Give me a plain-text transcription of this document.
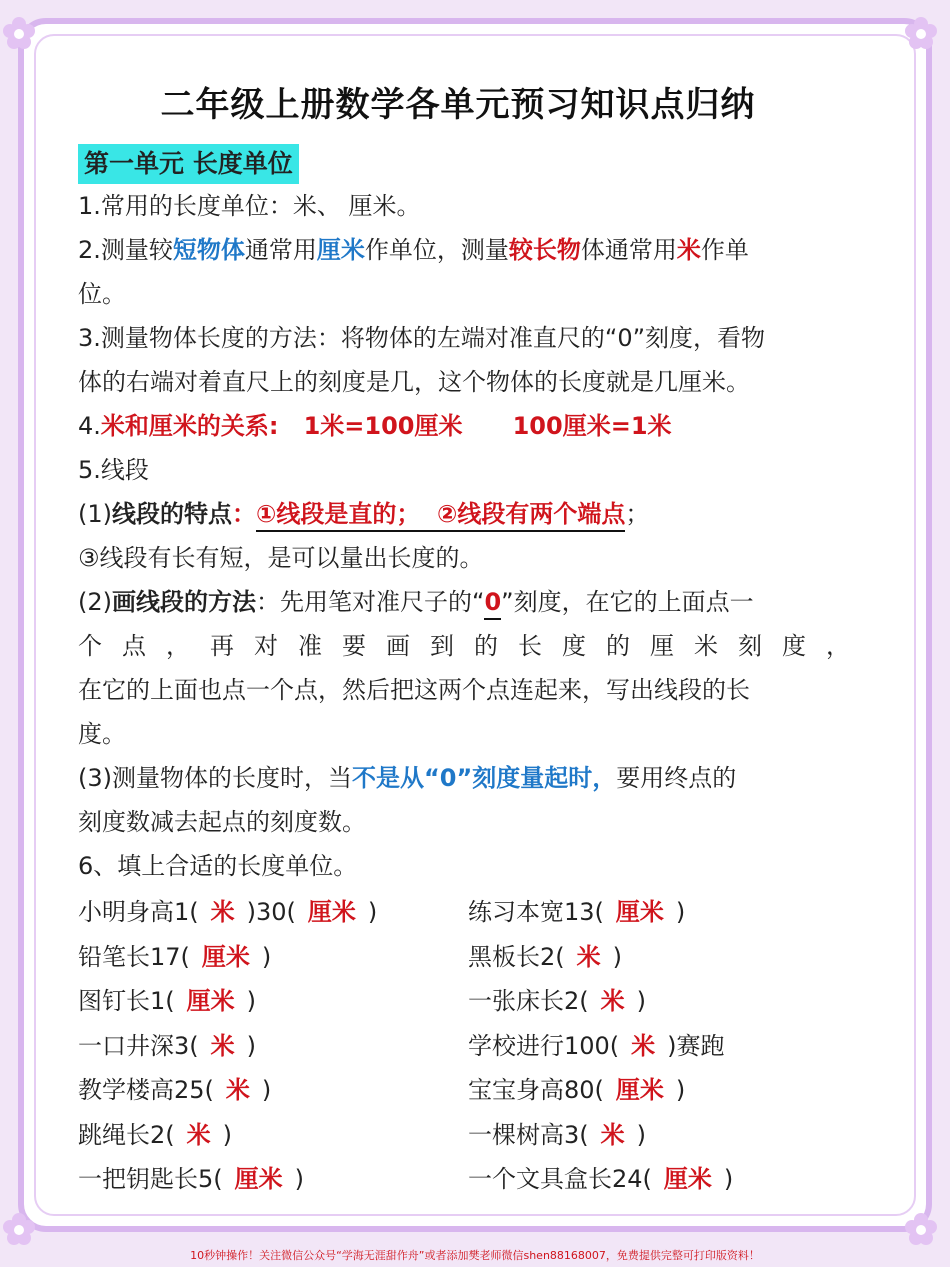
二年级上册数学各单元预习知识点归纳
第一单元 长度单位

1.常用的长度单位：米、 厘米。

2.测量较短物体通常用厘米作单位，测量较长物体通常用米作单

位。

3.测量物体长度的方法：将物体的左端对准直尺的“0”刻度，看物

体的右端对着直尺上的刻度是几，这个物体的长度就是几厘米。

4.米和厘米的关系:   1米=100厘米      100厘米=1米

5.线段

(1)线段的特点：①线段是直的；  ②线段有两个端点；

③线段有长有短，是可以量出长度的。

(2)画线段的方法：先用笔对准尺子的“0”刻度，在它的上面点一

个点，再对准要画到的长度的厘米刻度，

在它的上面也点一个点，然后把这两个点连起来，写出线段的长

度。

(3)测量物体的长度时，当不是从“0”刻度量起时，要用终点的

刻度数减去起点的刻度数。

6、填上合适的长度单位。

小明身高1( 米 )30( 厘米 )
铅笔长17( 厘米 )
图钉长1( 厘米 )
一口井深3( 米 )
教学楼高25( 米 )
跳绳长2( 米 )
一把钥匙长5( 厘米 )
练习本宽13( 厘米 )
黑板长2( 米 )
一张床长2( 米 )
学校进行100( 米 )赛跑
宝宝身高80( 厘米 )
一棵树高3( 米 )
一个文具盒长24( 厘米 )
10秒钟操作！关注微信公众号“学海无涯甜作舟”或者添加樊老师微信shen88168007，免费提供完整可打印版资料！
